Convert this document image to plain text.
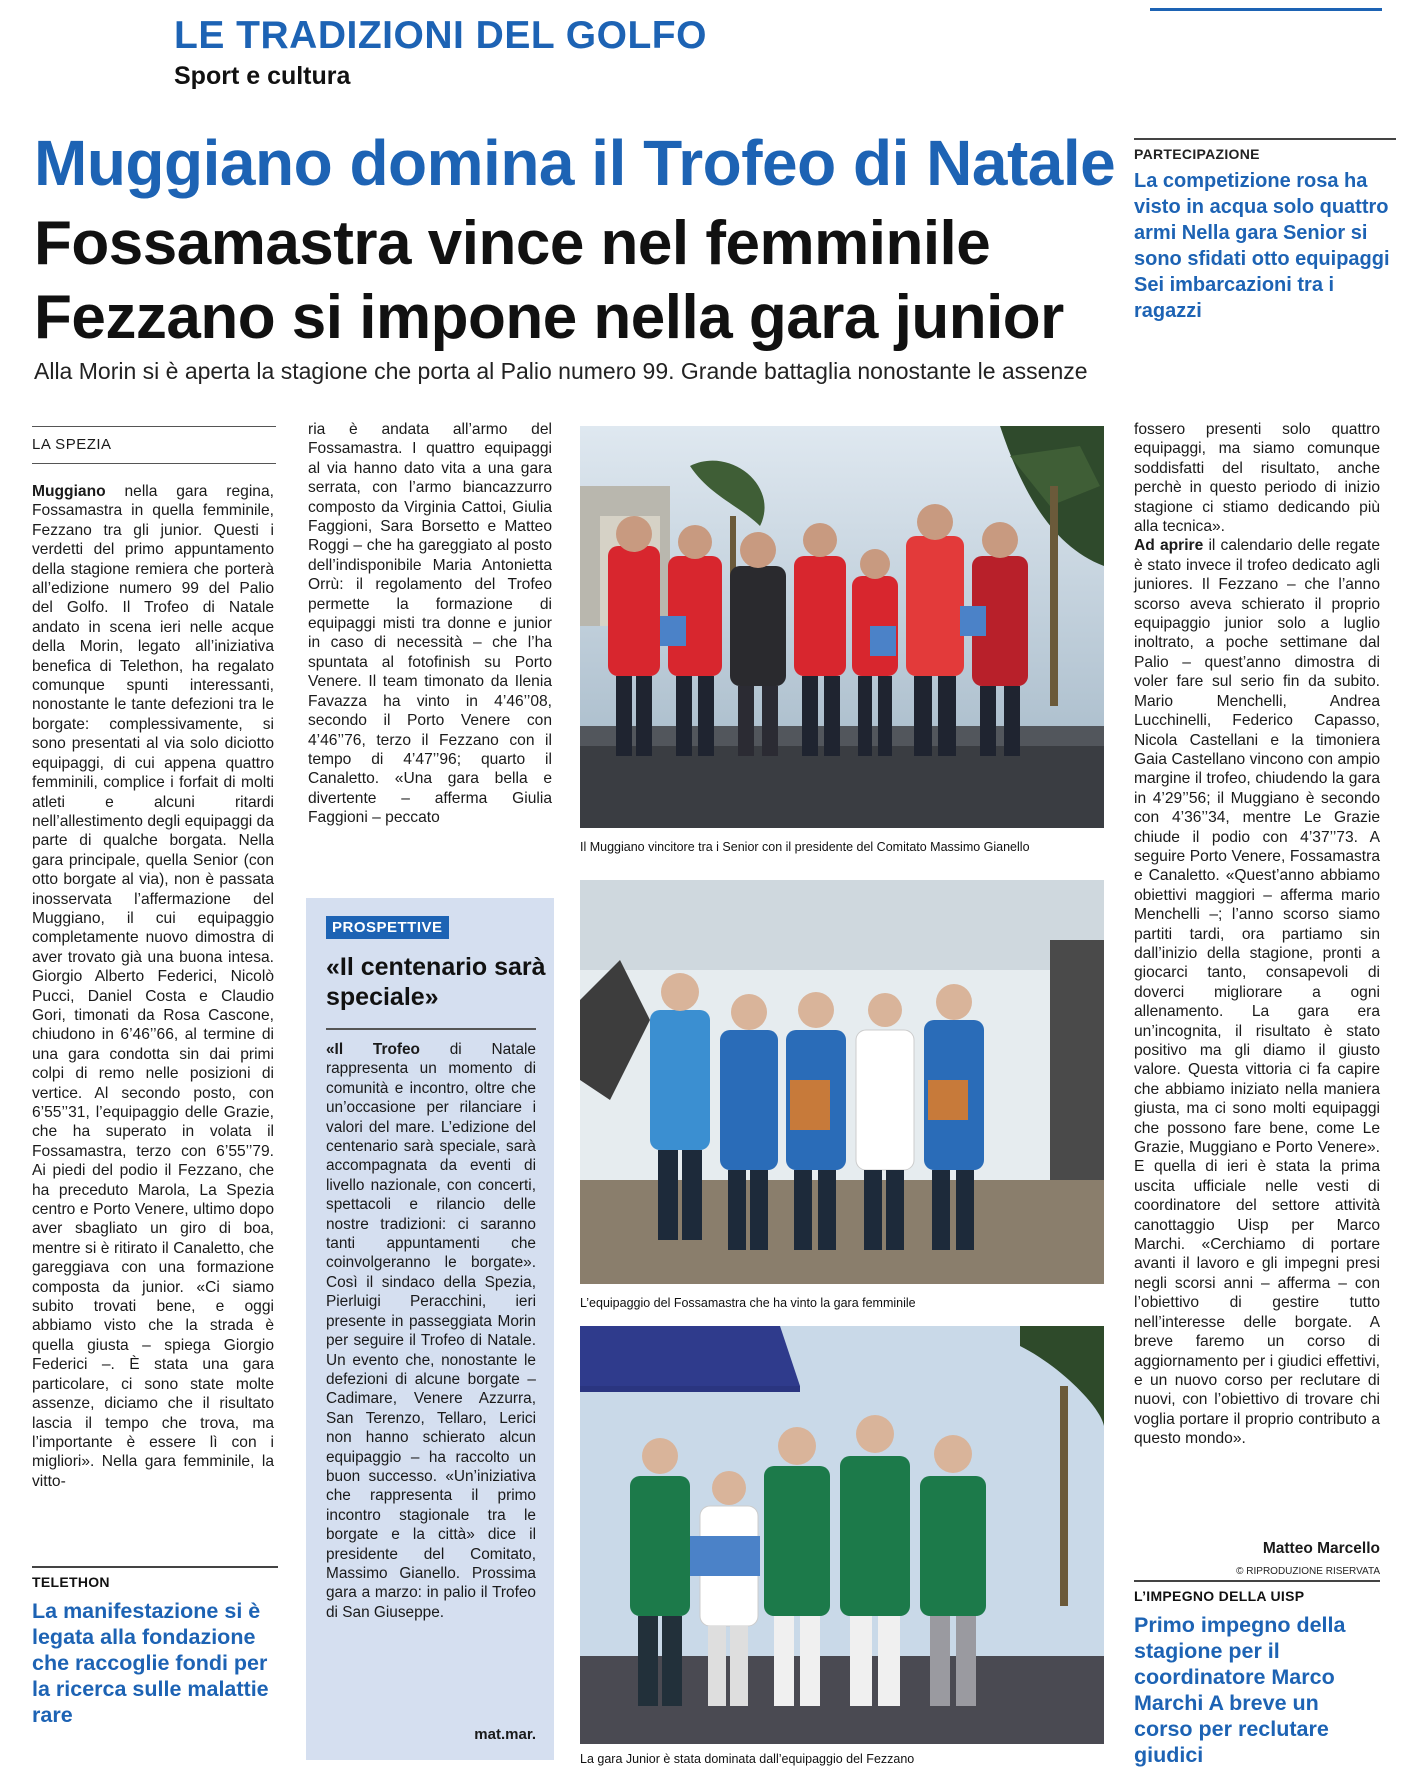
LE TRADIZIONI DEL GOLFO
Sport e cultura
Muggiano domina il Trofeo di Natale
Fossamastra vince nel femminile
Fezzano si impone nella gara junior
Alla Morin si è aperta la stagione che porta al Palio numero 99. Grande battaglia nonostante le assenze
PARTECIPAZIONE
La competizione rosa ha visto in acqua solo quattro armi Nella gara Senior si sono sfidati otto equipaggi Sei imbarcazioni tra i ragazzi
LA SPEZIA

Muggiano nella gara regina, Fossamastra in quella femminile, Fezzano tra gli junior. Questi i verdetti del primo appuntamento della stagione remiera che porterà all’edizione numero 99 del Palio del Golfo. Il Trofeo di Natale andato in scena ieri nelle acque della Morin, legato all’iniziativa benefica di Telethon, ha regalato comunque spunti interessanti, nonostante le tante defezioni tra le borgate: complessivamente, si sono presentati al via solo diciotto equipaggi, di cui appena quattro femminili, complice i forfait di molti atleti e alcuni ritardi nell’allestimento degli equipaggi da parte di qualche borgata. Nella gara principale, quella Senior (con otto borgate al via), non è passata inosservata l’affermazione del Muggiano, il cui equipaggio completamente nuovo dimostra di aver trovato già una buona intesa. Giorgio Alberto Federici, Nicolò Pucci, Daniel Costa e Claudio Gori, timonati da Rosa Cascone, chiudono in 6’46’’66, al termine di una gara condotta sin dai primi colpi di remo nelle posizioni di vertice. Al secondo posto, con 6’55’’31, l’equipaggio delle Grazie, che ha superato in volata il Fossamastra, terzo con 6’55’’79. Ai piedi del podio il Fezzano, che ha preceduto Marola, La Spezia centro e Porto Venere, ultimo dopo aver sbagliato un giro di boa, mentre si è ritirato il Canaletto, che gareggiava con una formazione composta da junior. «Ci siamo subito trovati bene, e oggi abbiamo visto che la strada è quella giusta – spiega Giorgio Federici –. È stata una gara particolare, ci sono state molte assenze, diciamo che il risultato lascia il tempo che trova, ma l’importante è essere lì con i migliori». Nella gara femminile, la vitto-

TELETHON
La manifestazione si è legata alla fondazione che raccoglie fondi per la ricerca sulle malattie rare

ria è andata all’armo del Fossamastra. I quattro equipaggi al via hanno dato vita a una gara serrata, con l’armo biancazzurro composto da Virginia Cattoi, Giulia Faggioni, Sara Borsetto e Matteo Roggi – che ha gareggiato al posto dell’indisponibile Maria Antonietta Orrù: il regolamento del Trofeo permette la formazione di equipaggi misti tra donne e junior in caso di necessità – che l’ha spuntata al fotofinish su Porto Venere. Il team timonato da Ilenia Favazza ha vinto in 4’46’’08, secondo il Porto Venere con 4’46’’76, terzo il Fezzano con il tempo di 4’47’’96; quarto il Canaletto. «Una gara bella e divertente – afferma Giulia Faggioni – peccato

PROSPETTIVE
«Il centenario sarà speciale»
«Il Trofeo di Natale rappresenta un momento di comunità e incontro, oltre che un’occasione per rilanciare i valori del mare. L’edizione del centenario sarà speciale, sarà accompagnata da eventi di livello nazionale, con concerti, spettacoli e rilancio delle nostre tradizioni: ci saranno tanti appuntamenti che coinvolgeranno le borgate». Così il sindaco della Spezia, Pierluigi Peracchini, ieri presente in passeggiata Morin per seguire il Trofeo di Natale. Un evento che, nonostante le defezioni di alcune borgate – Cadimare, Venere Azzurra, San Terenzo, Tellaro, Lerici non hanno schierato alcun equipaggio – ha raccolto un buon successo. «Un’iniziativa che rappresenta il primo incontro stagionale tra le borgate e la città» dice il presidente del Comitato, Massimo Gianello. Prossima gara a marzo: in palio il Trofeo di San Giuseppe.
mat.mar.
Il Muggiano vincitore tra i Senior con il presidente del Comitato Massimo Gianello
L’equipaggio del Fossamastra che ha vinto la gara femminile
La gara Junior è stata dominata dall’equipaggio del Fezzano

fossero presenti solo quattro equipaggi, ma siamo comunque soddisfatti del risultato, anche perchè in questo periodo di inizio stagione ci stiamo dedicando più alla tecnica».

Ad aprire il calendario delle regate è stato invece il trofeo dedicato agli juniores. Il Fezzano – che l’anno scorso aveva schierato il proprio equipaggio junior solo a luglio inoltrato, a poche settimane dal Palio – quest’anno dimostra di voler fare sul serio fin da subito. Mario Menchelli, Andrea Lucchinelli, Federico Capasso, Nicola Castellani e la timoniera Gaia Castellano vincono con ampio margine il trofeo, chiudendo la gara in 4’29’’56; il Muggiano è secondo con 4’36’’34, mentre Le Grazie chiude il podio con 4’37’’73. A seguire Porto Venere, Fossamastra e Canaletto. «Quest’anno abbiamo obiettivi maggiori – afferma mario Menchelli –; l’anno scorso siamo partiti tardi, ora partiamo sin dall’inizio della stagione, pronti a giocarci tanto, consapevoli di doverci migliorare a ogni allenamento. La gara era un’incognita, il risultato è stato positivo ma gli diamo il giusto valore. Questa vittoria ci fa capire che abbiamo iniziato nella maniera giusta, ma ci sono molti equipaggi che possono fare bene, come Le Grazie, Muggiano e Porto Venere». E quella di ieri è stata la prima uscita ufficiale nelle vesti di coordinatore del settore attività canottaggio Uisp per Marco Marchi. «Cerchiamo di portare avanti il lavoro e gli impegni presi negli scorsi anni – afferma – con l’obiettivo di gestire tutto nell’interesse delle borgate. A breve faremo un corso di aggiornamento per i giudici effettivi, e un nuovo corso per reclutare di nuovi, con l’obiettivo di trovare chi voglia portare il proprio contributo a questo mondo».

Matteo Marcello
© RIPRODUZIONE RISERVATA
L’IMPEGNO DELLA UISP
Primo impegno della stagione per il coordinatore Marco Marchi A breve un corso per reclutare giudici
